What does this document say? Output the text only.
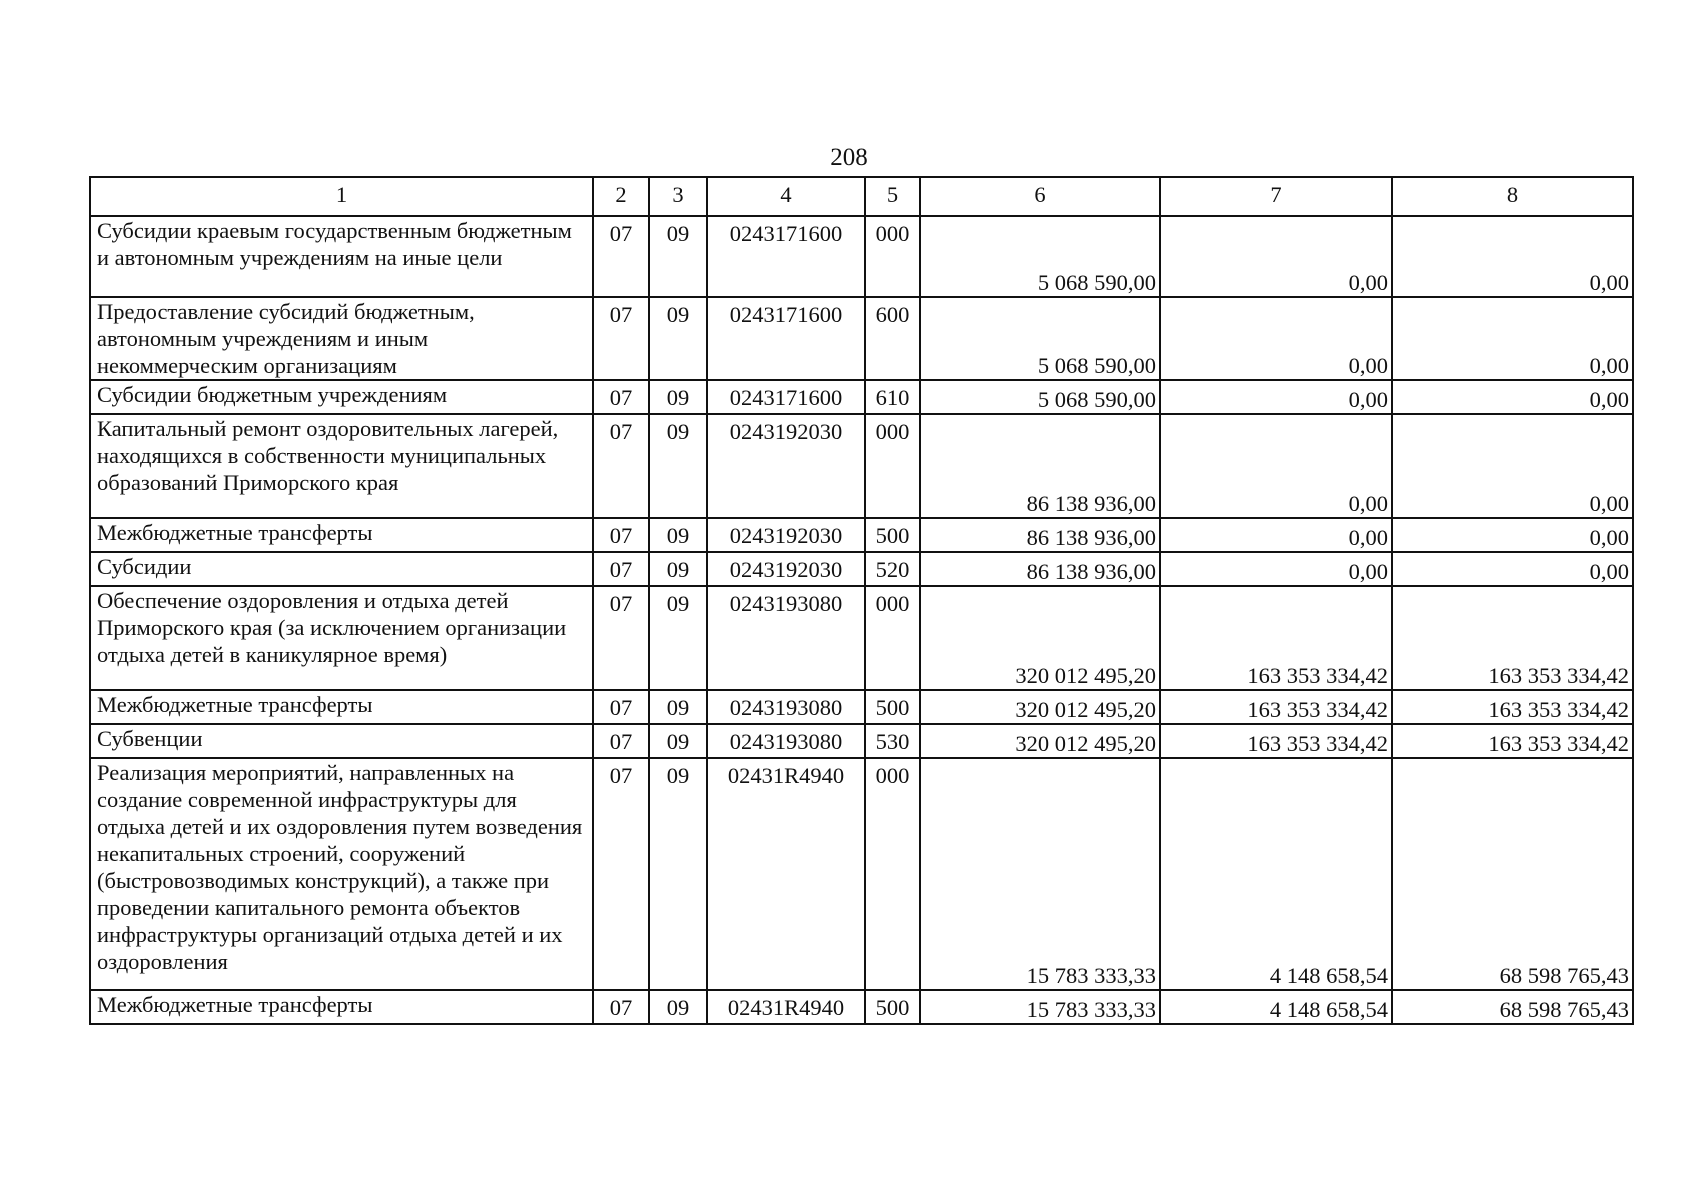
208
1	2	3	4	5	6	7	8
Субсидии краевым государственным бюджетным и автономным учреждениям на иные цели	07	09	0243171600	000	5 068 590,00	0,00	0,00
Предоставление субсидий бюджетным, автономным учреждениям и иным некоммерческим организациям	07	09	0243171600	600	5 068 590,00	0,00	0,00
Субсидии бюджетным учреждениям	07	09	0243171600	610	5 068 590,00	0,00	0,00
Капитальный ремонт оздоровительных лагерей, находящихся в собственности муниципальных образований Приморского края	07	09	0243192030	000	86 138 936,00	0,00	0,00
Межбюджетные трансферты	07	09	0243192030	500	86 138 936,00	0,00	0,00
Субсидии	07	09	0243192030	520	86 138 936,00	0,00	0,00
Обеспечение оздоровления и отдыха детей Приморского края (за исключением организации отдыха детей в каникулярное время)	07	09	0243193080	000	320 012 495,20	163 353 334,42	163 353 334,42
Межбюджетные трансферты	07	09	0243193080	500	320 012 495,20	163 353 334,42	163 353 334,42
Субвенции	07	09	0243193080	530	320 012 495,20	163 353 334,42	163 353 334,42
Реализация мероприятий, направленных на создание современной инфраструктуры для отдыха детей и их оздоровления путем возведения некапитальных строений, сооружений (быстровозводимых конструкций), а также при проведении капитального ремонта объектов инфраструктуры организаций отдыха детей и их оздоровления	07	09	02431R4940	000	15 783 333,33	4 148 658,54	68 598 765,43
Межбюджетные трансферты	07	09	02431R4940	500	15 783 333,33	4 148 658,54	68 598 765,43
